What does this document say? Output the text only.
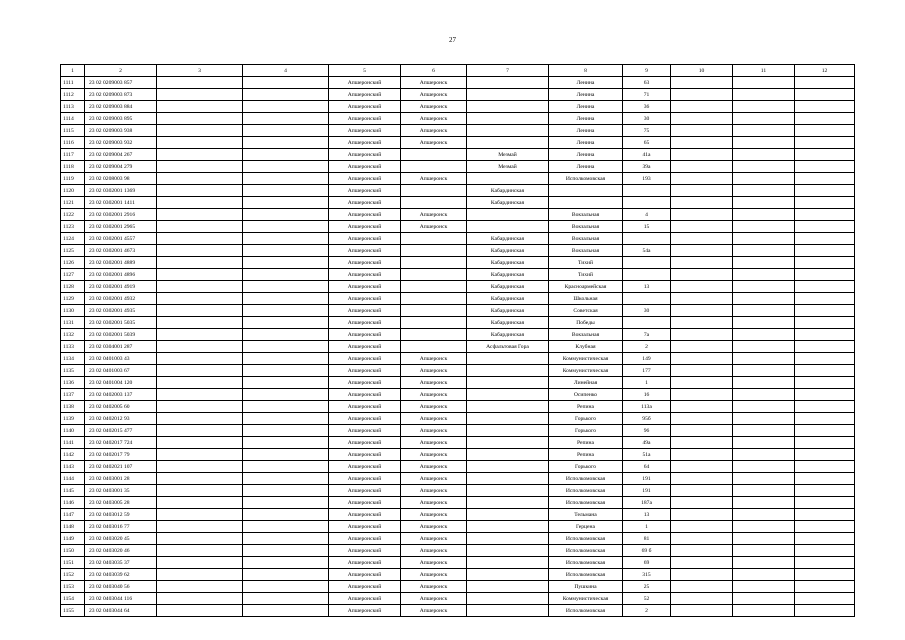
27
1	2	3	4	5	6	7	8	9	10	11	12
1111	23 02 0209003 857			Апшеронский	Апшеронск		Ленина	63			
1112	23 02 0209003 873			Апшеронский	Апшеронск		Ленина	71			
1113	23 02 0209003 884			Апшеронский	Апшеронск		Ленина	36			
1114	23 02 0209003 895			Апшеронский	Апшеронск		Ленина	30			
1115	23 02 0209003 938			Апшеронский	Апшеронск		Ленина	75			
1116	23 02 0209003 932			Апшеронский	Апшеронск		Ленина	65			
1117	23 02 0209004 267			Апшеронский		Мезмай	Ленина	41а			
1118	23 02 0209004 279			Апшеронский		Мезмай	Ленина	39а			
1119	23 02 0208003 98			Апшеронский	Апшеронск		Исполкомовская	193			
1120	23 02 0302001 1369			Апшеронский		Кабардинская					
1121	23 02 0302001 1411			Апшеронский		Кабардинская					
1122	23 02 0302001 2916			Апшеронский	Апшеронск		Вокзальная	4			
1123	23 02 0302001 2965			Апшеронский	Апшеронск		Вокзальная	15			
1124	23 02 0302001 4557			Апшеронский		Кабардинская	Вокзальная				
1125	23 02 0302001 4673			Апшеронский		Кабардинская	Вокзальная	54а			
1126	23 02 0302001 4889			Апшеронский		Кабардинская	Тихий				
1127	23 02 0302001 4896			Апшеронский		Кабардинская	Тихий				
1128	23 02 0302001 4919			Апшеронский		Кабардинская	Красноармейская	13			
1129	23 02 0302001 4932			Апшеронский		Кабардинская	Школьная				
1130	23 02 0302001 4935			Апшеронский		Кабардинская	Советская	30			
1131	23 02 0302001 5035			Апшеронский		Кабардинская	Победы				
1132	23 02 0302001 5039			Апшеронский		Кабардинская	Вокзальная	7а			
1133	23 02 0304001 287			Апшеронский		Асфальтовая Гора	Клубная	2			
1134	23 02 0401003 43			Апшеронский	Апшеронск		Коммунистическая	149			
1135	23 02 0401003 67			Апшеронский	Апшеронск		Коммунистическая	177			
1136	23 02 0401004 120			Апшеронский	Апшеронск		Линейная	1			
1137	23 02 0402003 137			Апшеронский	Апшеронск		Осипенко	16			
1138	23 02 0402005 60			Апшеронский	Апшеронск		Репина	113а			
1139	23 02 0402012 93			Апшеронский	Апшеронск		Горького	95б			
1140	23 02 0402015 477			Апшеронский	Апшеронск		Горького	96			
1141	23 02 0402017 724			Апшеронский	Апшеронск		Репина	49а			
1142	23 02 0402017 79			Апшеронский	Апшеронск		Репина	51а			
1143	23 02 0402021 107			Апшеронский	Апшеронск		Горького	64			
1144	23 02 0403001 28			Апшеронский	Апшеронск		Исполкомовская	191			
1145	23 02 0403001 35			Апшеронский	Апшеронск		Исполкомовская	191			
1146	23 02 0403005 28			Апшеронский	Апшеронск		Исполкомовская	187а			
1147	23 02 0403012 59			Апшеронский	Апшеронск		Тельмана	13			
1148	23 02 0403016 77			Апшеронский	Апшеронск		Герцена	1			
1149	23 02 0403020 45			Апшеронский	Апшеронск		Исполкомовская	81			
1150	23 02 0403020 46			Апшеронский	Апшеронск		Исполкомовская	69 б			
1151	23 02 0403035 37			Апшеронский	Апшеронск		Исполкомовская	69			
1152	23 02 0403039 62			Апшеронский	Апшеронск		Исполкомовская	315			
1153	23 02 0403040 56			Апшеронский	Апшеронск		Пушкина	25			
1154	23 02 0403044 116			Апшеронский	Апшеронск		Коммунистическая	52			
1155	23 02 0403044 64			Апшеронский	Апшеронск		Исполкомовская	2			
